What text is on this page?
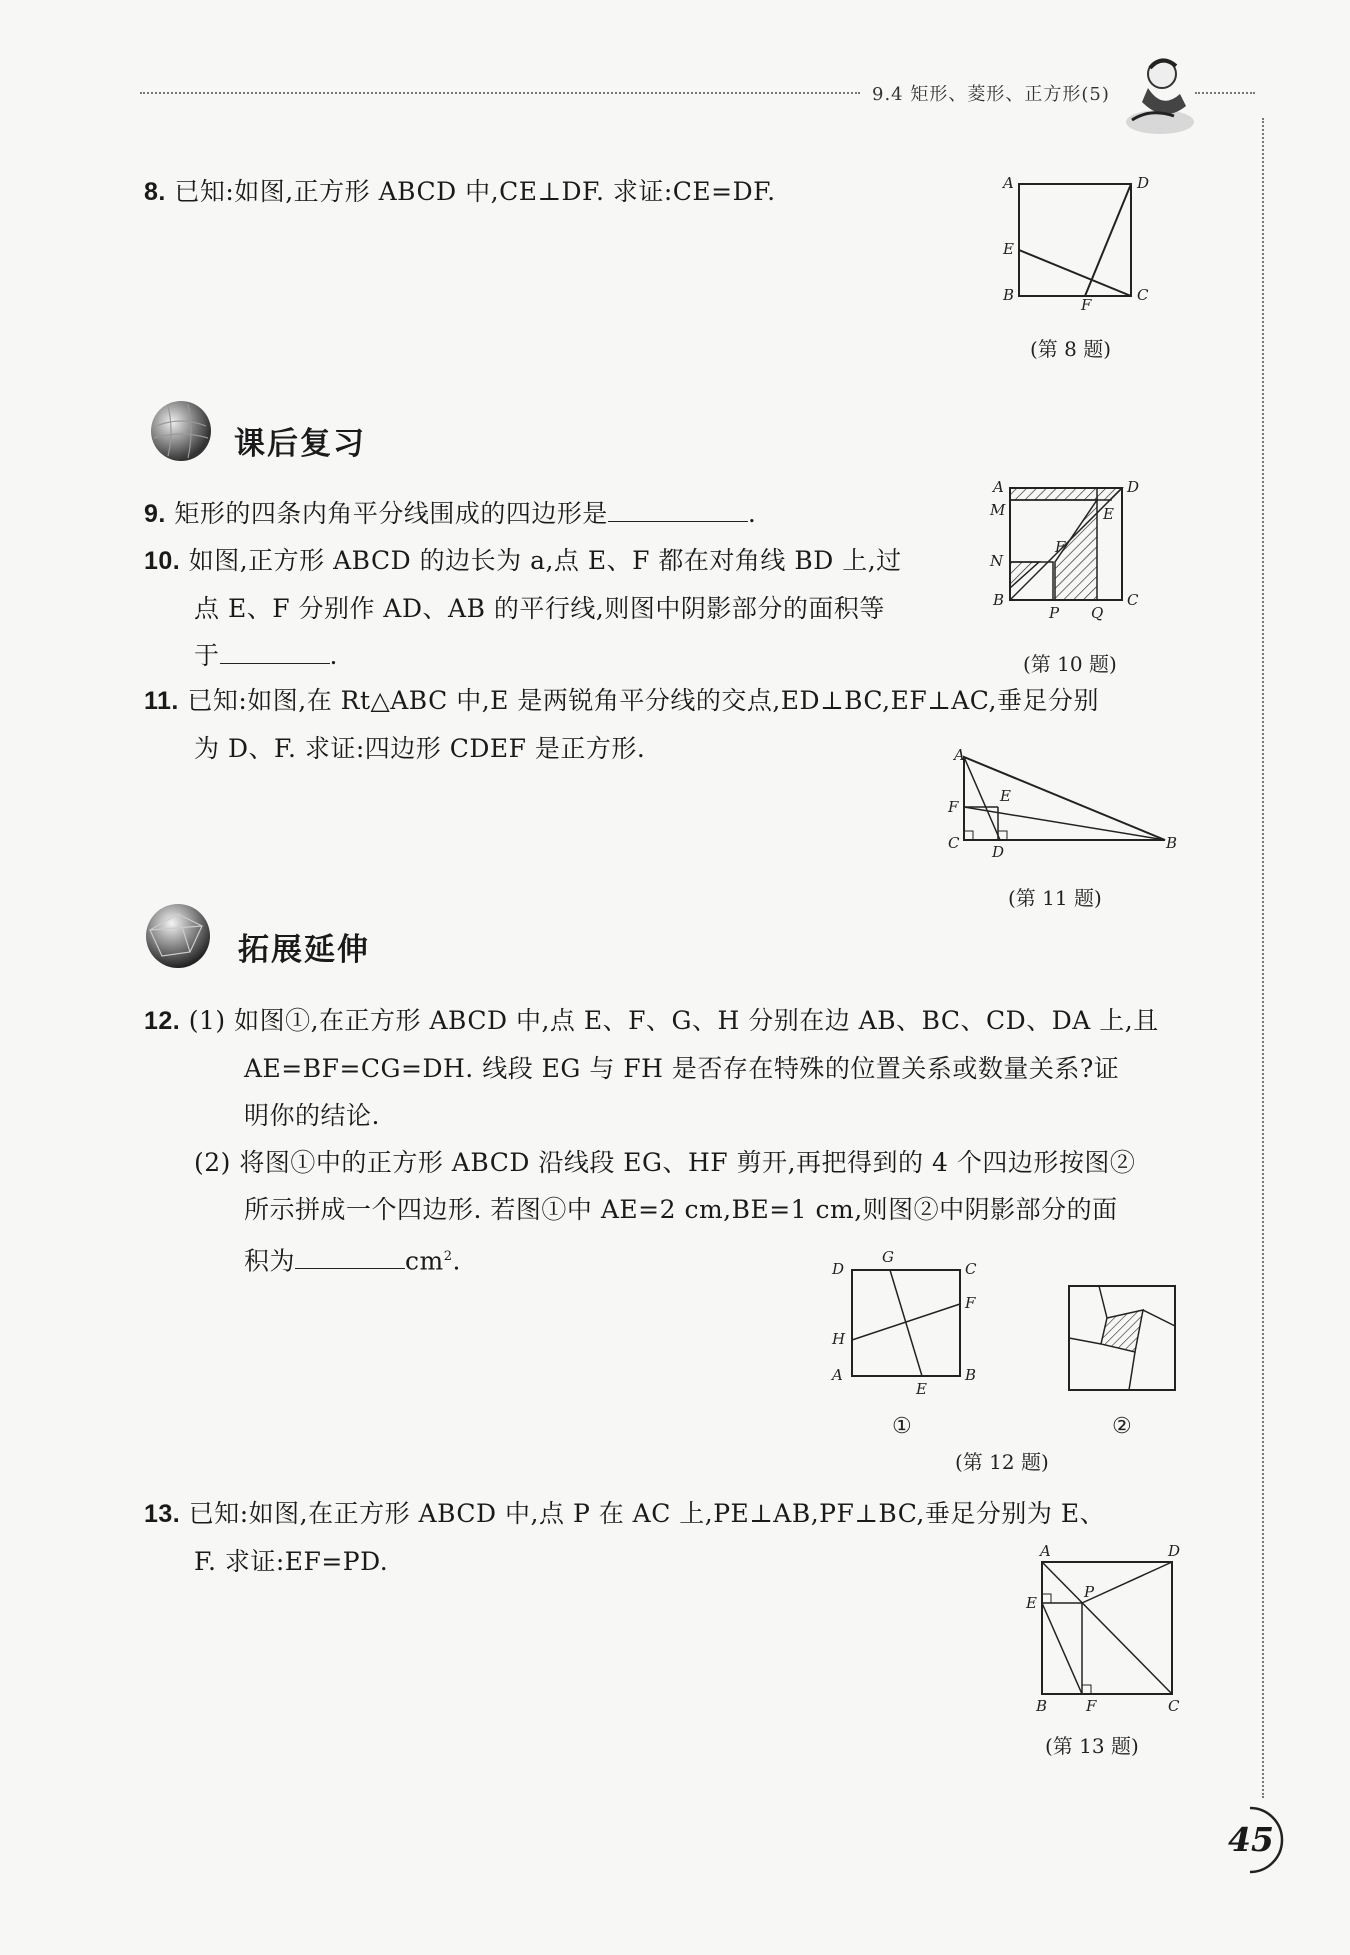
9.4 矩形、菱形、正方形(5)
8. 已知:如图,正方形 ABCD 中,CE⊥DF. 求证:CE=DF.	A	D
E
B
F
C
(第 8 题)
课后复习
9. 矩形的四条内角平分线围成的四边形是	.
10. 如图,正方形 ABCD 的边长为 a,点 E、F 都在对角线 BD 上,过
点 E、F 分别作 AD、AB 的平行线,则图中阴影部分的面积等
于	.
A	D
M	E
N
F
B
P Q
C
(第 10 题)
11. 已知:如图,在 Rt△ABC 中,E 是两锐角平分线的交点,ED⊥BC,EF⊥AC,垂足分别
为 D、F. 求证:四边形 CDEF 是正方形.	A
E
F
C D	B
(第 11 题)
拓展延伸
12. (1) 如图①,在正方形 ABCD 中,点 E、F、G、H 分别在边 AB、BC、CD、DA 上,且
AE=BF=CG=DH. 线段 EG 与 FH 是否存在特殊的位置关系或数量关系?证
明你的结论.
(2) 将图①中的正方形 ABCD 沿线段 EG、HF 剪开,再把得到的 4 个四边形按图②
所示拼成一个四边形. 若图①中 AE=2 cm,BE=1 cm,则图②中阴影部分的面
积为	$cm^2$.	D
G
C
F
H
A
E
B
①	②
(第 12 题)
13. 已知:如图,在正方形 ABCD 中,点 P 在 AC 上,PE⊥AB,PF⊥BC,垂足分别为 E、
F. 求证:EF=PD.	A	D
P
E
B	F	C
(第 13 题)
45
